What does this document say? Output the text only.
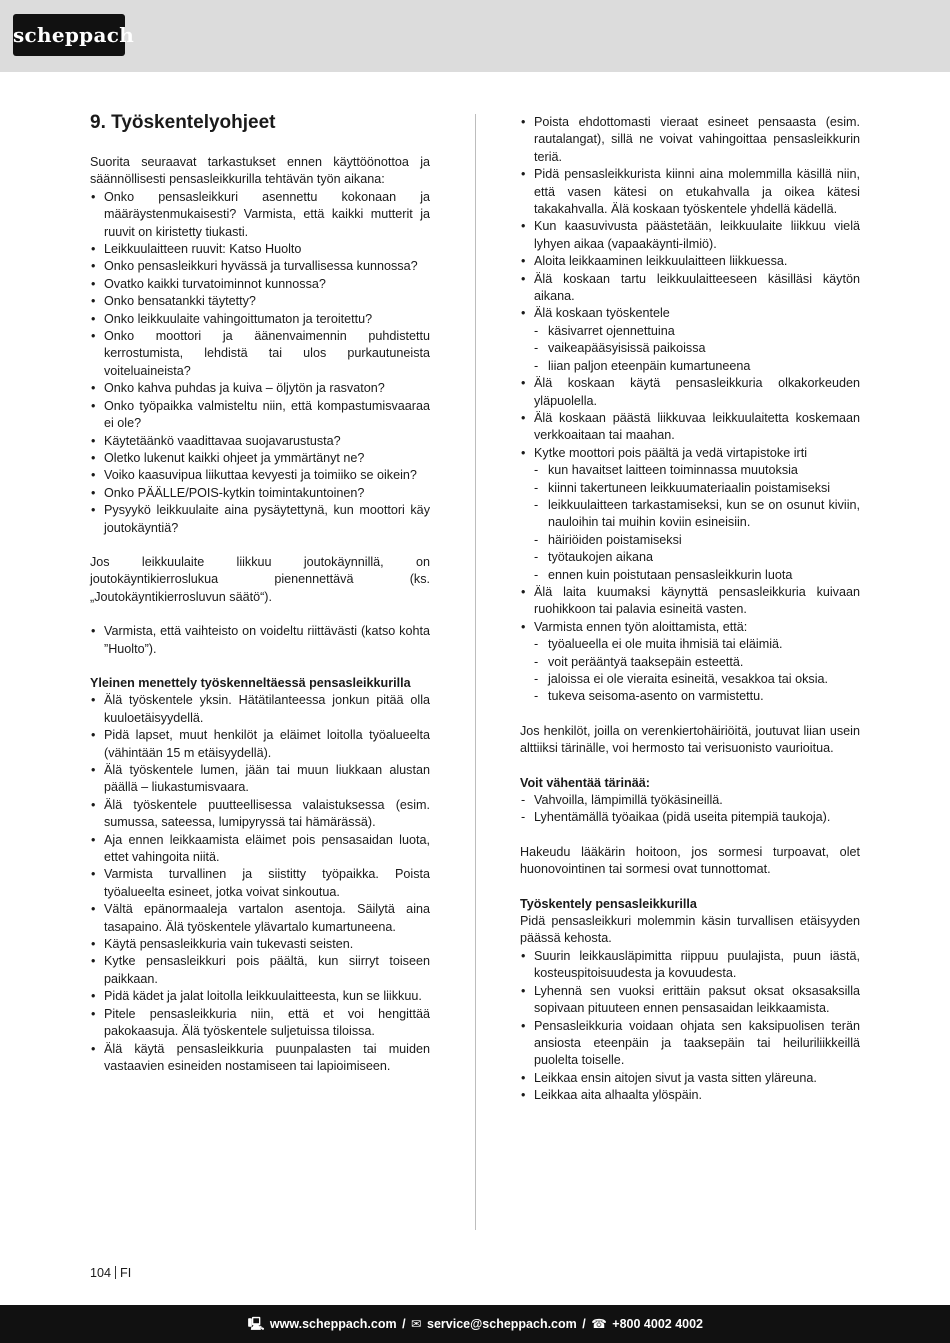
scheppach
9. Työskentelyohjeet

Suorita seuraavat tarkastukset ennen käyttöönottoa ja säännöllisesti pensasleikkurilla tehtävän työn aikana:

• Onko pensasleikkuri asennettu kokonaan ja määräystenmukaisesti? Varmista, että kaikki mutterit ja ruuvit on kiristetty tiukasti.
• Leikkuulaitteen ruuvit: Katso Huolto
• Onko pensasleikkuri hyvässä ja turvallisessa kunnossa?
• Ovatko kaikki turvatoiminnot kunnossa?
• Onko bensatankki täytetty?
• Onko leikkuulaite vahingoittumaton ja teroitettu?
• Onko moottori ja äänenvaimennin puhdistettu kerrostumista, lehdistä tai ulos purkautuneista voiteluaineista?
• Onko kahva puhdas ja kuiva – öljytön ja rasvaton?
• Onko työpaikka valmisteltu niin, että kompastumisvaaraa ei ole?
• Käytetäänkö vaadittavaa suojavarustusta?
• Oletko lukenut kaikki ohjeet ja ymmärtänyt ne?
• Voiko kaasuvipua liikuttaa kevyesti ja toimiiko se oikein?
• Onko PÄÄLLE/POIS-kytkin toimintakuntoinen?
• Pysyykö leikkuulaite aina pysäytettynä, kun moottori käy joutokäyntiä?

Jos leikkuulaite liikkuu joutokäynnillä, on joutokäyntikierroslukua pienennettävä (ks. „Joutokäyntikierrosluvun säätö“).

• Varmista, että vaihteisto on voideltu riittävästi (katso kohta ”Huolto”).

Yleinen menettely työskenneltäessä pensasleikkurilla

• Älä työskentele yksin. Hätätilanteessa jonkun pitää olla kuuloetäisyydellä.
• Pidä lapset, muut henkilöt ja eläimet loitolla työalueelta (vähintään 15 m etäisyydellä).
• Älä työskentele lumen, jään tai muun liukkaan alustan päällä – liukastumisvaara.
• Älä työskentele puutteellisessa valaistuksessa (esim. sumussa, sateessa, lumipyryssä tai hämärässä).
• Aja ennen leikkaamista eläimet pois pensasaidan luota, ettet vahingoita niitä.
• Varmista turvallinen ja siistitty työpaikka. Poista työalueelta esineet, jotka voivat sinkoutua.
• Vältä epänormaaleja vartalon asentoja. Säilytä aina tasapaino. Älä työskentele ylävartalo kumartuneena.
• Käytä pensasleikkuria vain tukevasti seisten.
• Kytke pensasleikkuri pois päältä, kun siirryt toiseen paikkaan.
• Pidä kädet ja jalat loitolla leikkuulaitteesta, kun se liikkuu.
• Pitele pensasleikkuria niin, että et voi hengittää pakokaasuja. Älä työskentele suljetuissa tiloissa.
• Älä käytä pensasleikkuria puunpalasten tai muiden vastaavien esineiden nostamiseen tai lapioimiseen.
• Poista ehdottomasti vieraat esineet pensaasta (esim. rautalangat), sillä ne voivat vahingoittaa pensasleikkurin teriä.
• Pidä pensasleikkurista kiinni aina molemmilla käsillä niin, että vasen kätesi on etukahvalla ja oikea kätesi takakahvalla. Älä koskaan työskentele yhdellä kädellä.
• Kun kaasuvivusta päästetään, leikkuulaite liikkuu vielä lyhyen aikaa (vapaakäynti-ilmiö).
• Aloita leikkaaminen leikkuulaitteen liikkuessa.
• Älä koskaan tartu leikkuulaitteeseen käsilläsi käytön aikana.
• Älä koskaan työskentele
- käsivarret ojennettuina
- vaikeapääsyisissä paikoissa
- liian paljon eteenpäin kumartuneena
• Älä koskaan käytä pensasleikkuria olkakorkeuden yläpuolella.
• Älä koskaan päästä liikkuvaa leikkuulaitetta koskemaan verkkoaitaan tai maahan.
• Kytke moottori pois päältä ja vedä virtapistoke irti
- kun havaitset laitteen toiminnassa muutoksia
- kiinni takertuneen leikkuumateriaalin poistamiseksi
- leikkuulaitteen tarkastamiseksi, kun se on osunut kiviin, nauloihin tai muihin koviin esineisiin.
- häiriöiden poistamiseksi
- työtaukojen aikana
- ennen kuin poistutaan pensasleikkurin luota
• Älä laita kuumaksi käynyttä pensasleikkuria kuivaan ruohikkoon tai palavia esineitä vasten.
• Varmista ennen työn aloittamista, että:
- työalueella ei ole muita ihmisiä tai eläimiä.
- voit perääntyä taaksepäin esteettä.
- jaloissa ei ole vieraita esineitä, vesakkoa tai oksia.
- tukeva seisoma-asento on varmistettu.

Jos henkilöt, joilla on verenkiertohäiriöitä, joutuvat liian usein alttiiksi tärinälle, voi hermosto tai verisuonisto vaurioitua.

Voit vähentää tärinää:

- Vahvoilla, lämpimillä työkäsineillä.
- Lyhentämällä työaikaa (pidä useita pitempiä taukoja).

Hakeudu lääkärin hoitoon, jos sormesi turpoavat, olet huonovointinen tai sormesi ovat tunnottomat.

Työskentely pensasleikkurilla

Pidä pensasleikkuri molemmin käsin turvallisen etäisyyden päässä kehosta.

• Suurin leikkausläpimitta riippuu puulajista, puun iästä, kosteuspitoisuudesta ja kovuudesta.
• Lyhennä sen vuoksi erittäin paksut oksat oksasaksilla sopivaan pituuteen ennen pensasaidan leikkaamista.
• Pensasleikkuria voidaan ohjata sen kaksipuolisen terän ansiosta eteenpäin ja taaksepäin tai heiluriliikkeillä puolelta toiselle.
• Leikkaa ensin aitojen sivut ja vasta sitten yläreuna.
• Leikkaa aita alhaalta ylöspäin.
104 FI
🖳 www.scheppach.com / ✉ service@scheppach.com / ☎ +800 4002 4002
